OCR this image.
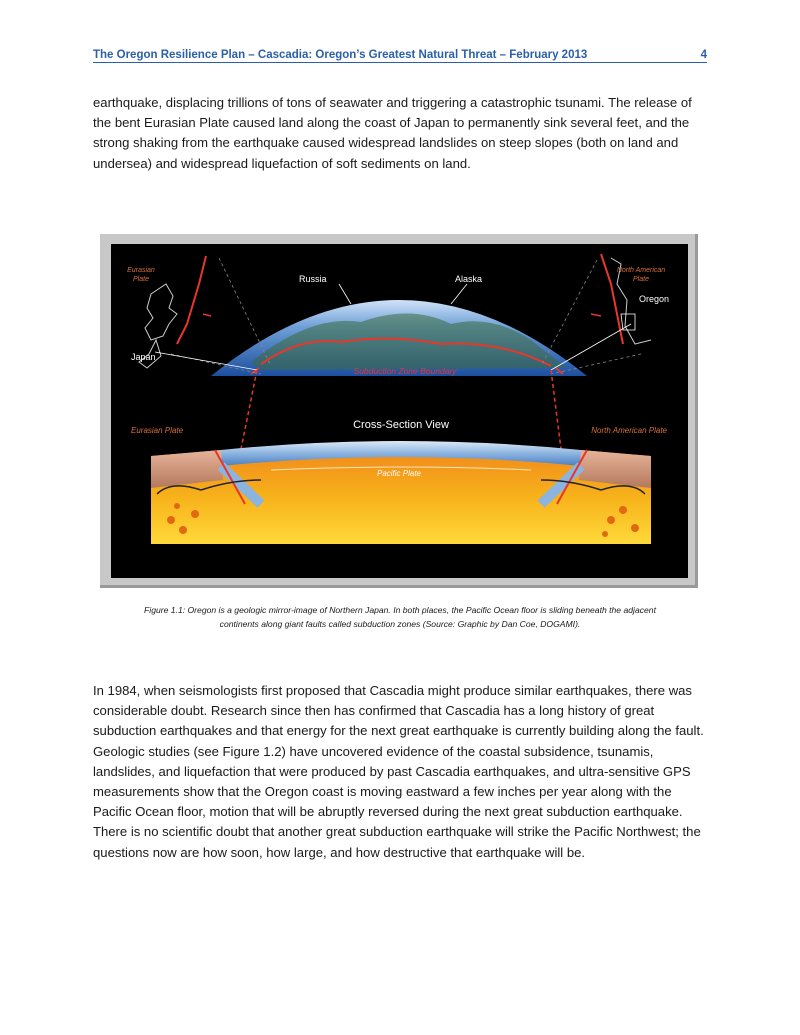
The Oregon Resilience Plan – Cascadia: Oregon’s Greatest Natural Threat – February 2013	4

earthquake, displacing trillions of tons of seawater and triggering a catastrophic tsunami. The release of the bent Eurasian Plate caused land along the coast of Japan to permanently sink several feet, and the strong shaking from the earthquake caused widespread landslides on steep slopes (both on land and undersea) and widespread liquefaction of soft sediments on land.

Eurasian
Plate
North American
Plate
Russia	Alaska
Oregon
Japan
Subduction Zone Boundary
Cross-Section View
Eurasian Plate	North American Plate
Pacific Plate
Figure 1.1: Oregon is a geologic mirror-image of Northern Japan. In both places, the Pacific Ocean floor is sliding beneath the adjacent
continents along giant faults called subduction zones (Source: Graphic by Dan Coe, DOGAMI).

In 1984, when seismologists first proposed that Cascadia might produce similar earthquakes, there was considerable doubt. Research since then has confirmed that Cascadia has a long history of great subduction earthquakes and that energy for the next great earthquake is currently building along the fault. Geologic studies (see Figure 1.2) have uncovered evidence of the coastal subsidence, tsunamis, landslides, and liquefaction that were produced by past Cascadia earthquakes, and ultra-sensitive GPS measurements show that the Oregon coast is moving eastward a few inches per year along with the Pacific Ocean floor, motion that will be abruptly reversed during the next great subduction earthquake. There is no scientific doubt that another great subduction earthquake will strike the Pacific Northwest; the questions now are how soon, how large, and how destructive that earthquake will be.
